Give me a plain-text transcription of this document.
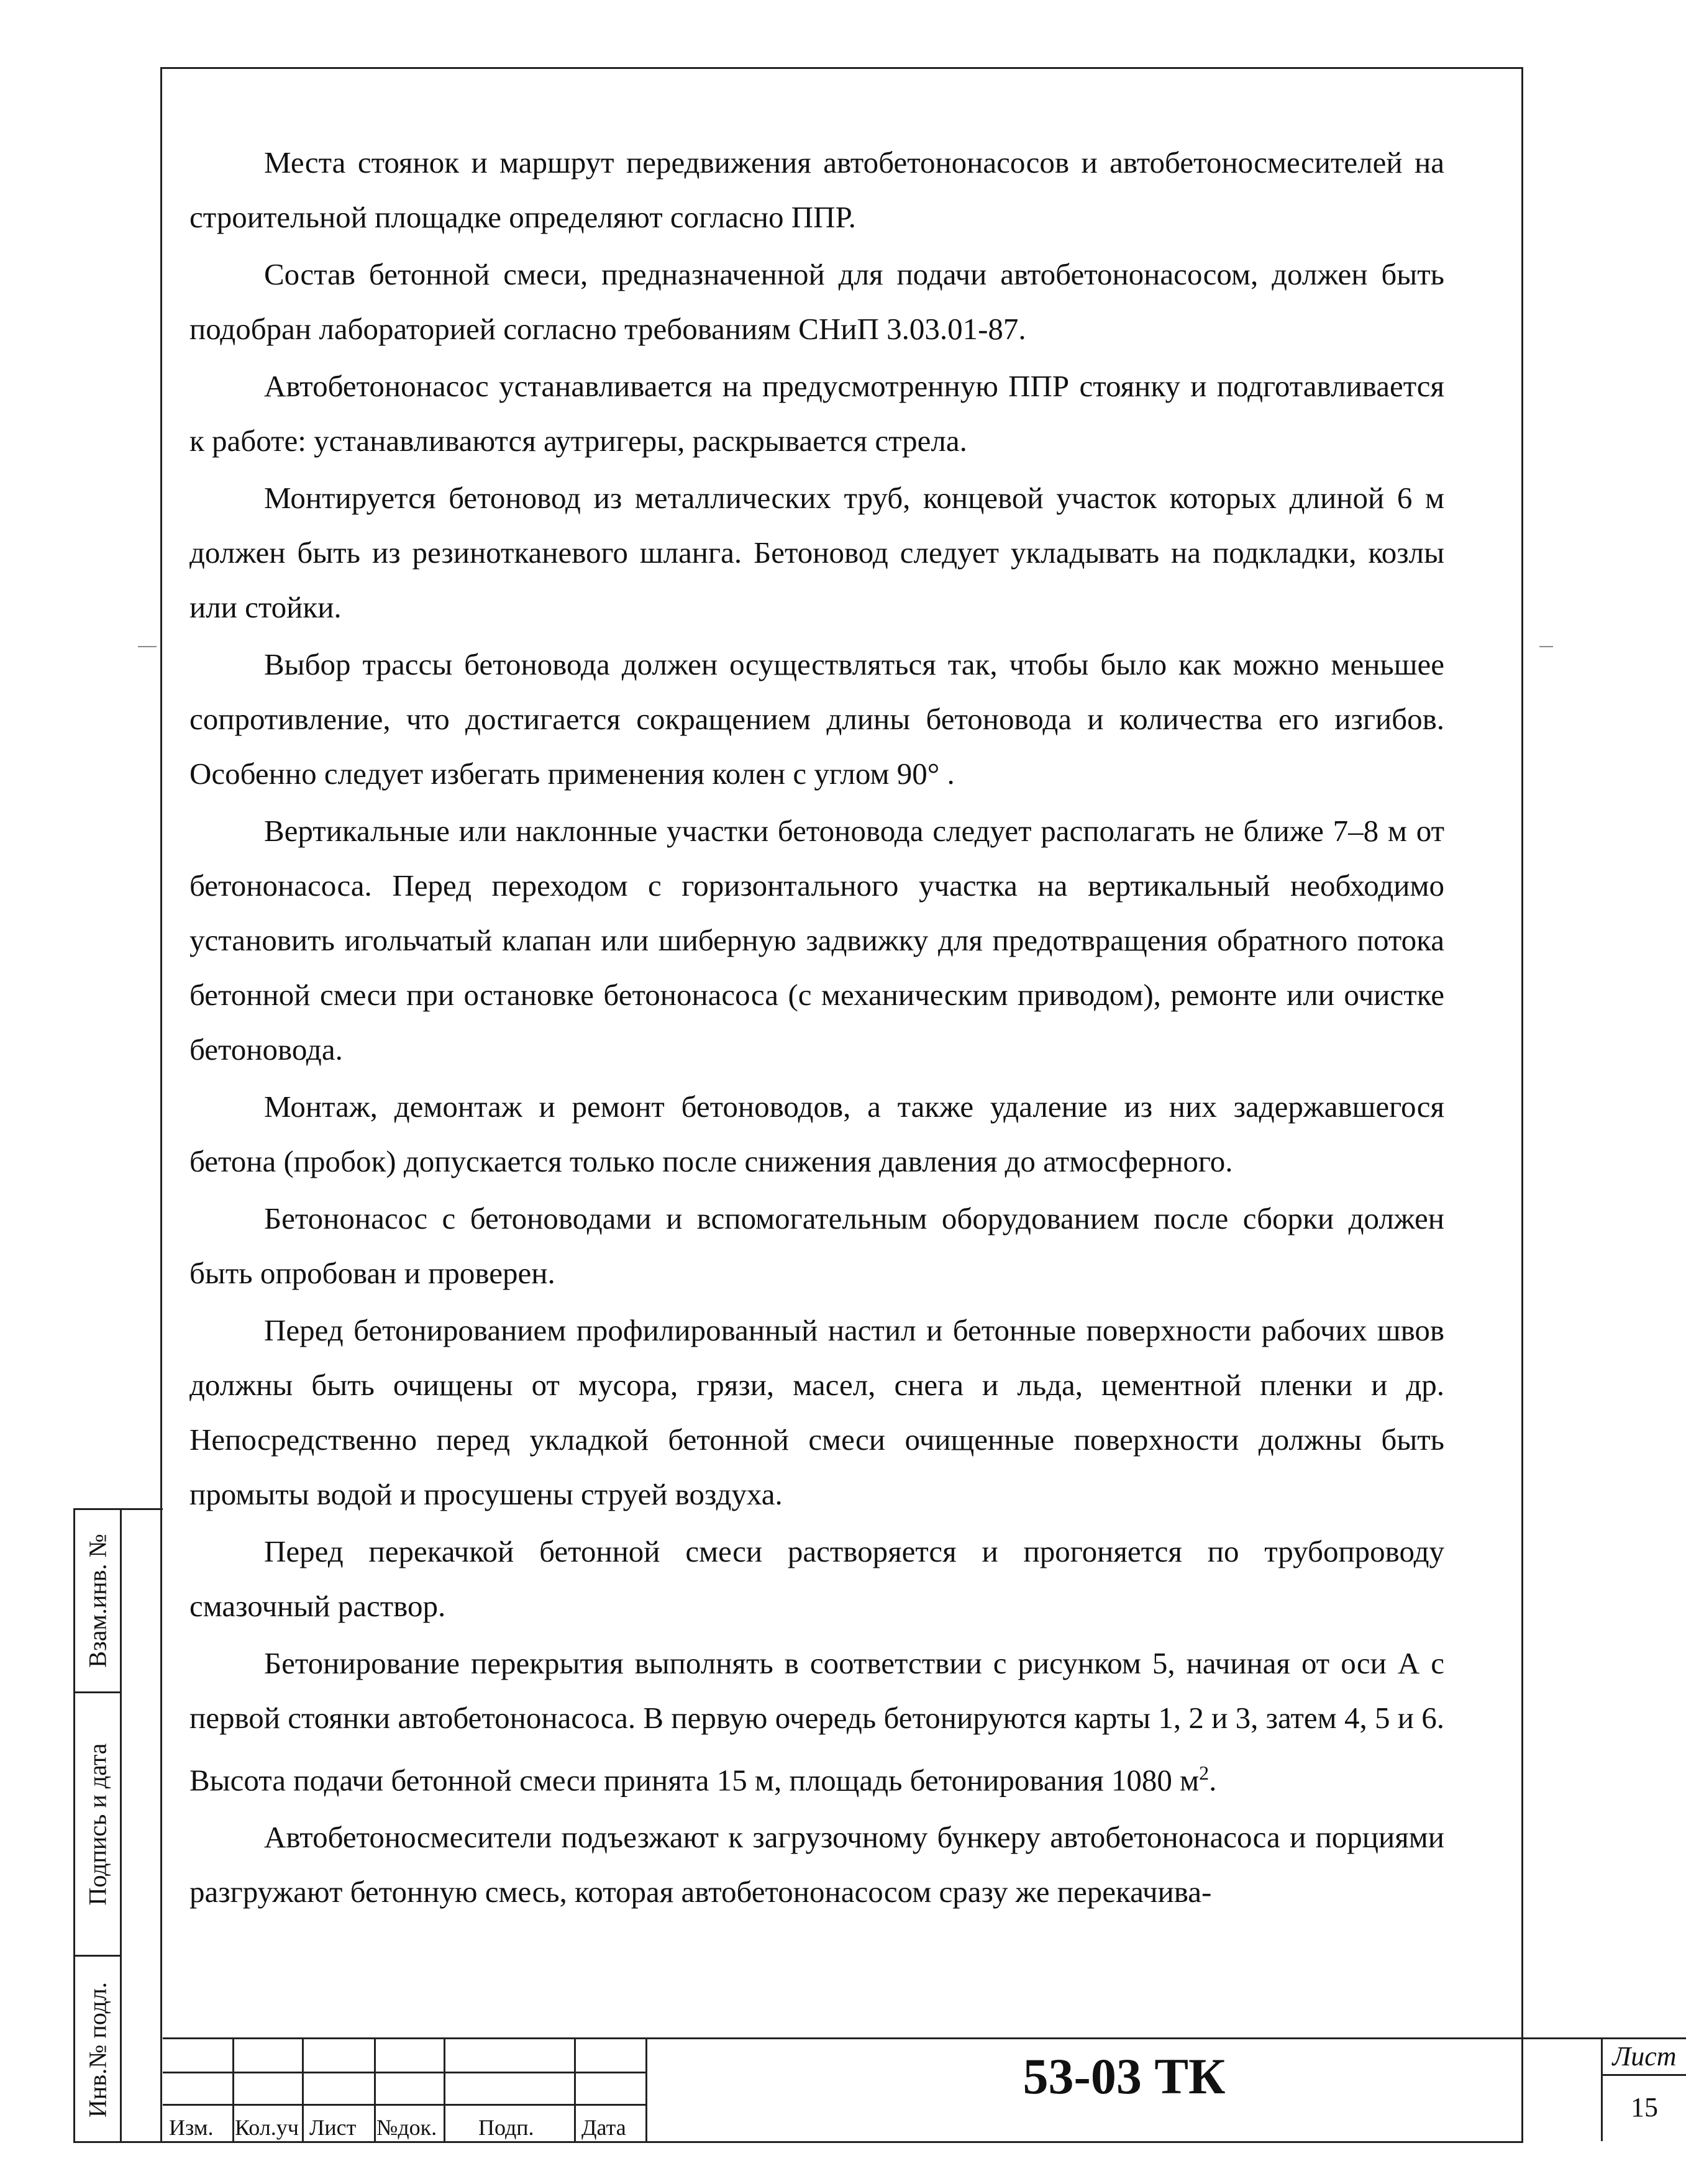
Места стоянок и маршрут передвижения автобетононасосов и автобетоносмесителей на строительной площадке определяют согласно ППР.

Состав бетонной смеси, предназначенной для подачи автобетононасосом, должен быть подобран лабораторией согласно требованиям СНиП 3.03.01-87.

Автобетононасос устанавливается на предусмотренную ППР стоянку и подготавливается к работе: устанавливаются аутригеры, раскрывается стрела.

Монтируется бетоновод из металлических труб, концевой участок которых длиной 6 м должен быть из резинотканевого шланга. Бетоновод следует укладывать на подкладки, козлы или стойки.

Выбор трассы бетоновода должен осуществляться так, чтобы было как можно меньшее сопротивление, что достигается сокращением длины бетоновода и количества его изгибов. Особенно следует избегать применения колен с углом 90° .

Вертикальные или наклонные участки бетоновода следует располагать не ближе 7–8 м от бетононасоса. Перед переходом с горизонтального участка на вертикальный необходимо установить игольчатый клапан или шиберную задвижку для предотвращения обратного потока бетонной смеси при остановке бетононасоса (с механическим приводом), ремонте или очистке бетоновода.

Монтаж, демонтаж и ремонт бетоноводов, а также удаление из них задержавшегося бетона (пробок) допускается только после снижения давления до атмосферного.

Бетононасос с бетоноводами и вспомогательным оборудованием после сборки должен быть опробован и проверен.

Перед бетонированием профилированный настил и бетонные поверхности рабочих швов должны быть очищены от мусора, грязи, масел, снега и льда, цементной пленки и др. Непосредственно перед укладкой бетонной смеси очищенные поверхности должны быть промыты водой и просушены струей воздуха.

Перед перекачкой бетонной смеси растворяется и прогоняется по трубопроводу смазочный раствор.

Бетонирование перекрытия выполнять в соответствии с рисунком 5, начиная от оси А с первой стоянки автобетононасоса. В первую очередь бетонируются карты 1, 2 и 3, затем 4, 5 и 6. Высота подачи бетонной смеси принята 15 м, площадь бетонирования 1080 $м^2$.

Автобетоносмесители подъезжают к загрузочному бункеру автобетононасоса и порциями разгружают бетонную смесь, которая автобетононасосом сразу же перекачива-

Взам.инв. №
Подпись и дата
Инв.№ подл.
Изм. Кол.уч Лист №док. Подп. Дата
53-03 ТК	Лист
15
